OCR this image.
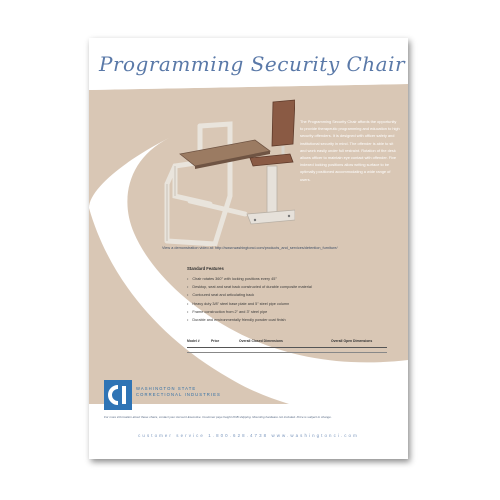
Programming Security Chair
The Programming Security Chair affords the opportunity to provide therapeutic programming and education to high security offenders. It is designed with officer safety and institutional security in mind. The offender is able to sit and work easily under full restraint. Rotation of the desk allows officer to maintain eye contact with offender. Five indexed locking positions allow writing surface to be optimally positioned accommodating a wide range of users.
View a demonstration video at: http://www.washingtonci.com/products_and_services/detention_furniture/
Standard Features
• Chair rotates 360° with locking positions every 45°
• Desktop, seat and seat back constructed of durable composite material
• Contoured seat and articulating back
• Heavy duty 3/8" steel base plate and 5" steel pipe column
• Frame construction from 2" and 3" steel pipe
• Durable and environmentally friendly powder coat finish
Model #	Price	Overall Closed Dimensions	Overall Open Dimensions
WASHINGTON STATE
CORRECTIONAL INDUSTRIES
For more information about these chairs, contact your Account Executive. Customer pays freight FOB shipping. Mounting hardware not included. Price is subject to change.
customer service 1.800.628.4738 www.washingtonci.com
